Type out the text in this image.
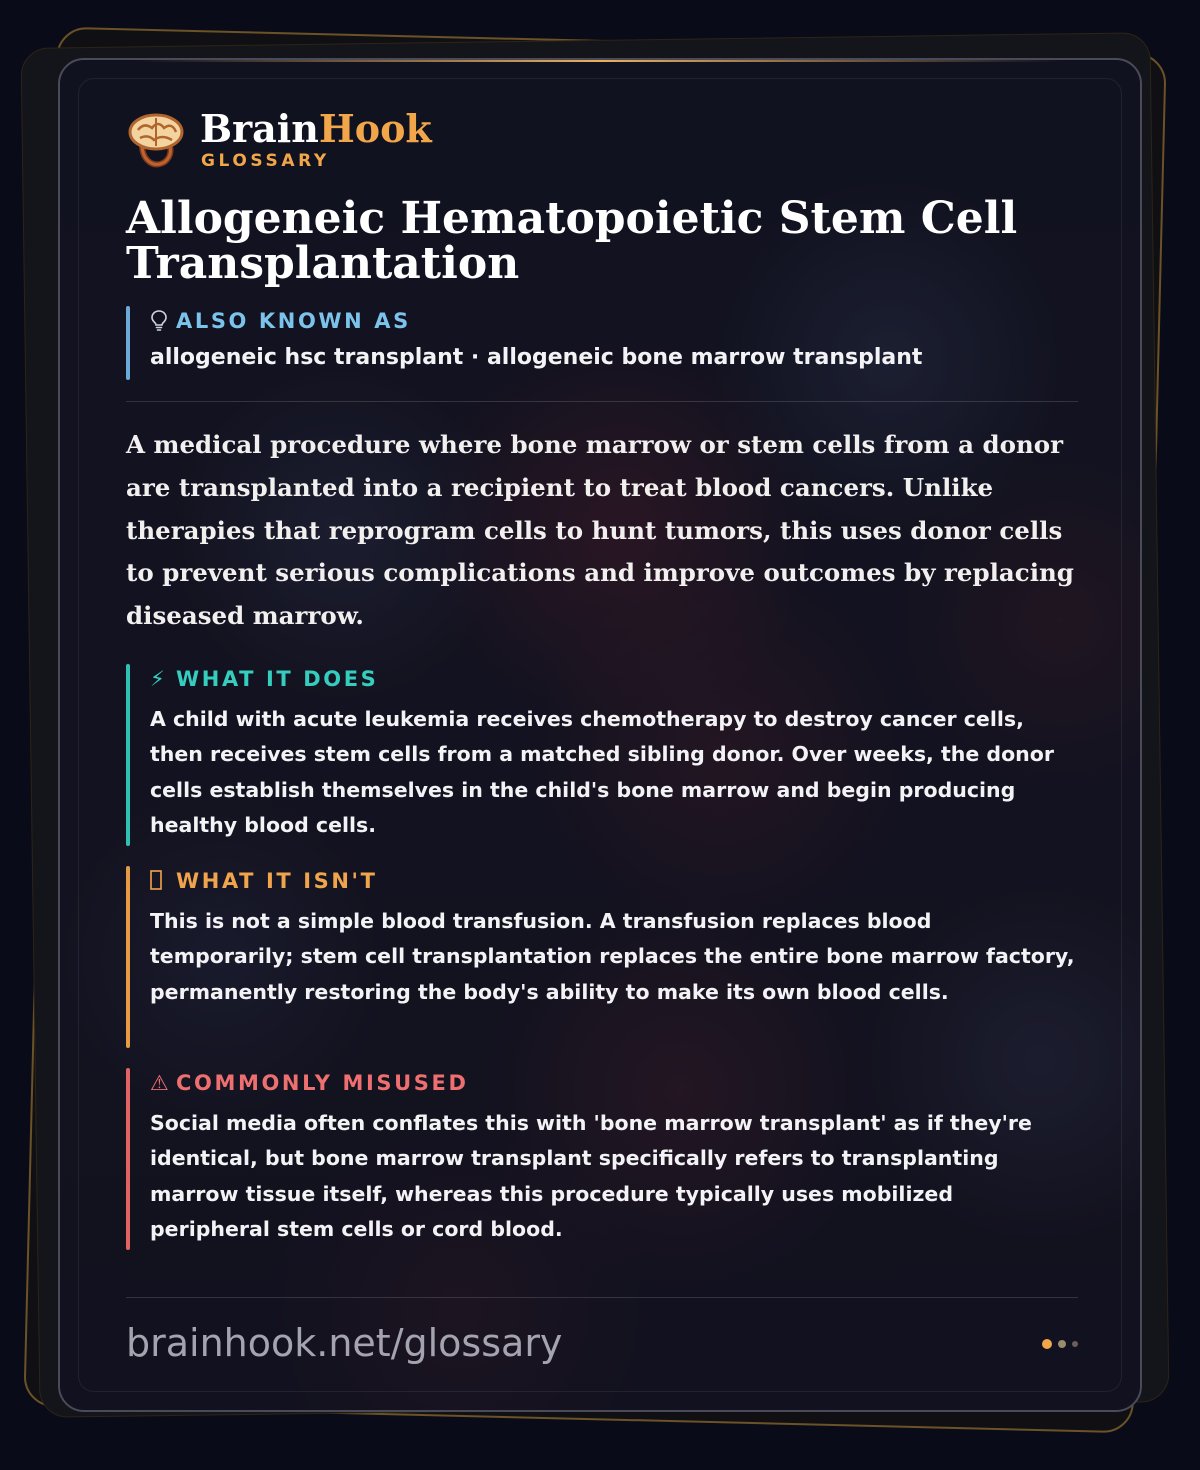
BrainHook
GLOSSARY
Allogeneic Hematopoietic Stem Cell Transplantation
ALSO KNOWN AS
allogeneic hsc transplant · allogeneic bone marrow transplant
A medical procedure where bone marrow or stem cells from a donor are transplanted into a recipient to treat blood cancers. Unlike therapies that reprogram cells to hunt tumors, this uses donor cells to prevent serious complications and improve outcomes by replacing diseased marrow.
⚡ WHAT IT DOES
A child with acute leukemia receives chemotherapy to destroy cancer cells, then receives stem cells from a matched sibling donor. Over weeks, the donor cells establish themselves in the child's bone marrow and begin producing healthy blood cells.
WHAT IT ISN'T
This is not a simple blood transfusion. A transfusion replaces blood temporarily; stem cell transplantation replaces the entire bone marrow factory, permanently restoring the body's ability to make its own blood cells.
⚠ COMMONLY MISUSED
Social media often conflates this with 'bone marrow transplant' as if they're identical, but bone marrow transplant specifically refers to transplanting marrow tissue itself, whereas this procedure typically uses mobilized peripheral stem cells or cord blood.
brainhook.net/glossary
